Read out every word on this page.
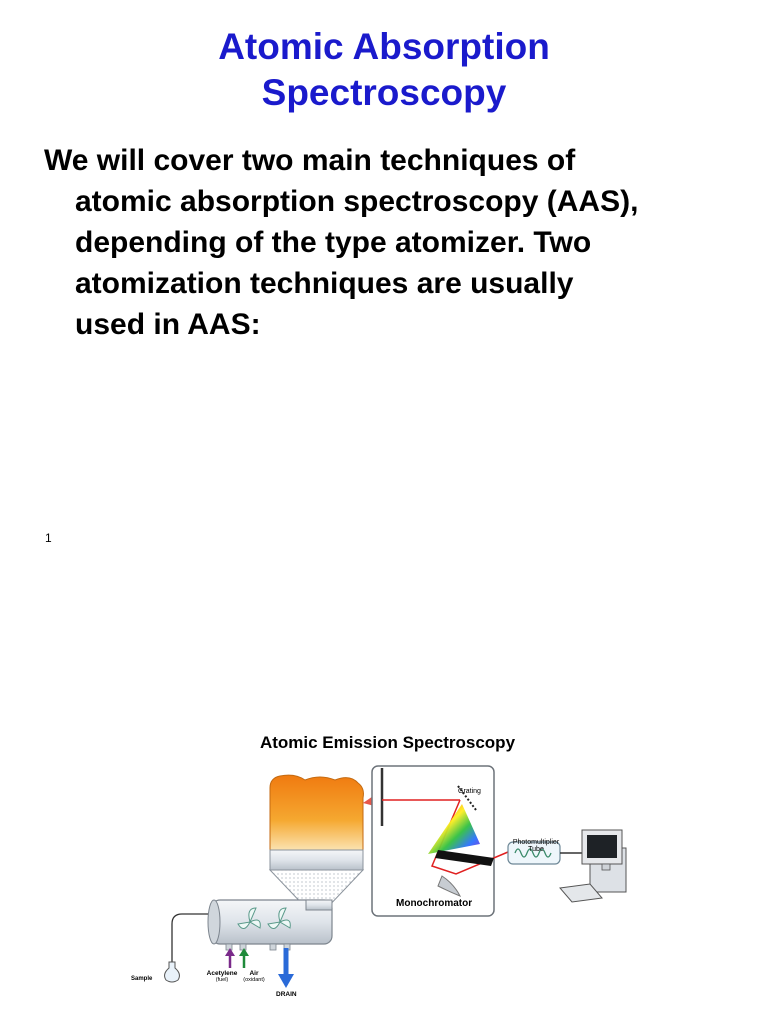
Atomic Absorption
Spectroscopy
We will cover two main techniques of
atomic absorption spectroscopy (AAS),
depending of the type atomizer. Two
atomization techniques are usually
used in AAS:
1
Atomic Emission Spectroscopy
Grating
Photomultiplier
Tube
Monochromator
Sample
Acetylene
(fuel)
Air
(oxidant)
DRAIN
